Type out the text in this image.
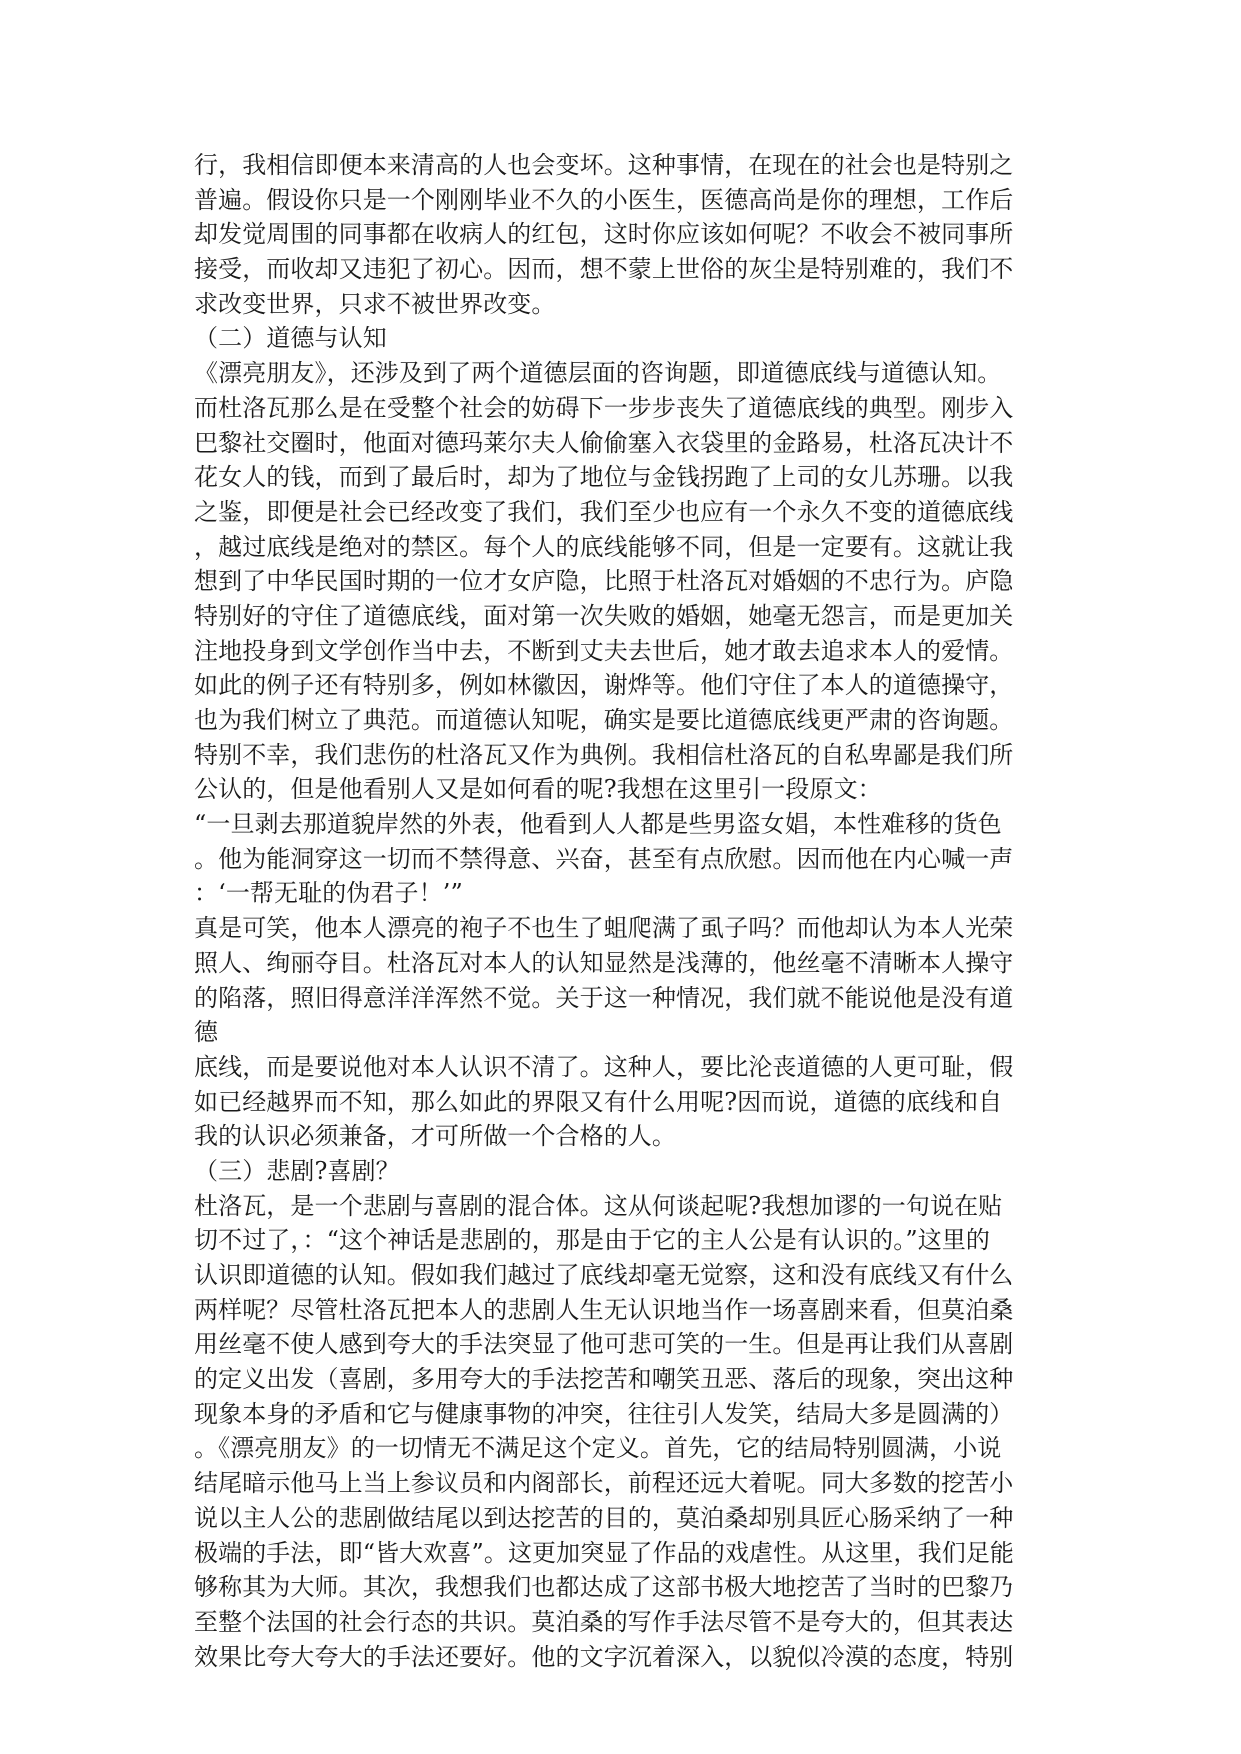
行，我相信即便本来清高的人也会变坏。这种事情，在现在的社会也是特别之
普遍。假设你只是一个刚刚毕业不久的小医生，医德高尚是你的理想，工作后
却发觉周围的同事都在收病人的红包，这时你应该如何呢？不收会不被同事所
接受，而收却又违犯了初心。因而，想不蒙上世俗的灰尘是特别难的，我们不
求改变世界，只求不被世界改变。
（二）道德与认知
《漂亮朋友》，还涉及到了两个道德层面的咨询题，即道德底线与道德认知。
而杜洛瓦那么是在受整个社会的妨碍下一步步丧失了道德底线的典型。刚步入
巴黎社交圈时，他面对德玛莱尔夫人偷偷塞入衣袋里的金路易，杜洛瓦决计不
花女人的钱，而到了最后时，却为了地位与金钱拐跑了上司的女儿苏珊。以我
之鉴，即便是社会已经改变了我们，我们至少也应有一个永久不变的道德底线
，越过底线是绝对的禁区。每个人的底线能够不同，但是一定要有。这就让我
想到了中华民国时期的一位才女庐隐，比照于杜洛瓦对婚姻的不忠行为。庐隐
特别好的守住了道德底线，面对第一次失败的婚姻，她毫无怨言，而是更加关
注地投身到文学创作当中去，不断到丈夫去世后，她才敢去追求本人的爱情。
如此的例子还有特别多，例如林徽因，谢烨等。他们守住了本人的道德操守，
也为我们树立了典范。而道德认知呢，确实是要比道德底线更严肃的咨询题。
特别不幸，我们悲伤的杜洛瓦又作为典例。我相信杜洛瓦的自私卑鄙是我们所
公认的，但是他看别人又是如何看的呢?我想在这里引一段原文：
“一旦剥去那道貌岸然的外表，他看到人人都是些男盗女娼，本性难移的货色
。他为能洞穿这一切而不禁得意、兴奋，甚至有点欣慰。因而他在内心喊一声
：‘一帮无耻的伪君子！’”
真是可笑，他本人漂亮的袍子不也生了蛆爬满了虱子吗？而他却认为本人光荣
照人、绚丽夺目。杜洛瓦对本人的认知显然是浅薄的，他丝毫不清晰本人操守
的陷落，照旧得意洋洋浑然不觉。关于这一种情况，我们就不能说他是没有道
德
底线，而是要说他对本人认识不清了。这种人，要比沦丧道德的人更可耻，假
如已经越界而不知，那么如此的界限又有什么用呢?因而说，道德的底线和自
我的认识必须兼备，才可所做一个合格的人。
（三）悲剧?喜剧？
杜洛瓦，是一个悲剧与喜剧的混合体。这从何谈起呢?我想加谬的一句说在贴
切不过了，：“这个神话是悲剧的，那是由于它的主人公是有认识的。”这里的
认识即道德的认知。假如我们越过了底线却毫无觉察，这和没有底线又有什么
两样呢？尽管杜洛瓦把本人的悲剧人生无认识地当作一场喜剧来看，但莫泊桑
用丝毫不使人感到夸大的手法突显了他可悲可笑的一生。但是再让我们从喜剧
的定义出发（喜剧，多用夸大的手法挖苦和嘲笑丑恶、落后的现象，突出这种
现象本身的矛盾和它与健康事物的冲突，往往引人发笑，结局大多是圆满的）
。《漂亮朋友》的一切情无不满足这个定义。首先，它的结局特别圆满，小说
结尾暗示他马上当上参议员和内阁部长，前程还远大着呢。同大多数的挖苦小
说以主人公的悲剧做结尾以到达挖苦的目的，莫泊桑却别具匠心肠采纳了一种
极端的手法，即“皆大欢喜”。这更加突显了作品的戏虐性。从这里，我们足能
够称其为大师。其次，我想我们也都达成了这部书极大地挖苦了当时的巴黎乃
至整个法国的社会行态的共识。莫泊桑的写作手法尽管不是夸大的，但其表达
效果比夸大夸大的手法还要好。他的文字沉着深入，以貌似冷漠的态度，特别
